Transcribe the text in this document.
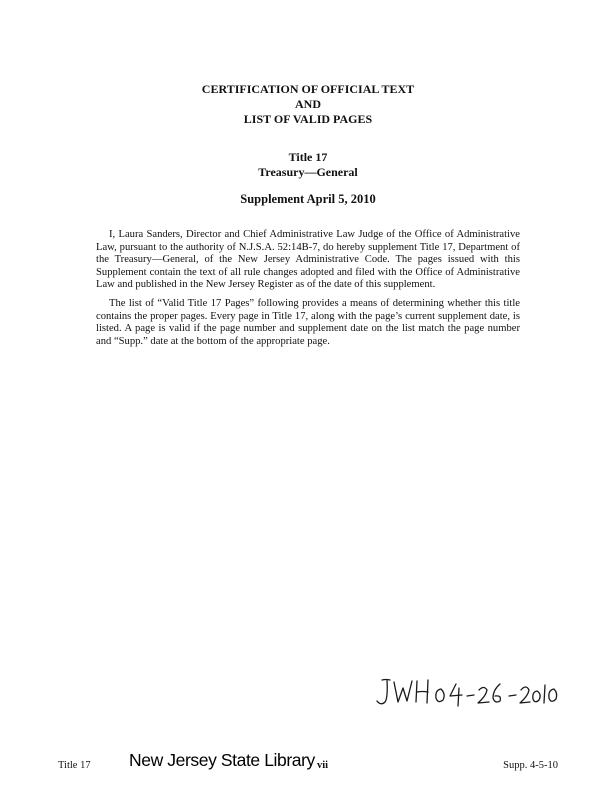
CERTIFICATION OF OFFICIAL TEXT
AND
LIST OF VALID PAGES
Title 17
Treasury—General
Supplement April 5, 2010

I, Laura Sanders, Director and Chief Administrative Law Judge of the Office of Administrative Law, pursuant to the authority of N.J.S.A. 52:14B-7, do hereby supplement Title 17, Department of the Treasury—General, of the New Jersey Administrative Code. The pages issued with this Supplement contain the text of all rule changes adopted and filed with the Office of Administrative Law and published in the New Jersey Register as of the date of this supplement.

The list of “Valid Title 17 Pages” following provides a means of determining whether this title contains the proper pages. Every page in Title 17, along with the page’s current supplement date, is listed. A page is valid if the page number and supplement date on the list match the page number and “Supp.” date at the bottom of the appropriate page.

Title 17 New Jersey State Library vii	Supp. 4-5-10
